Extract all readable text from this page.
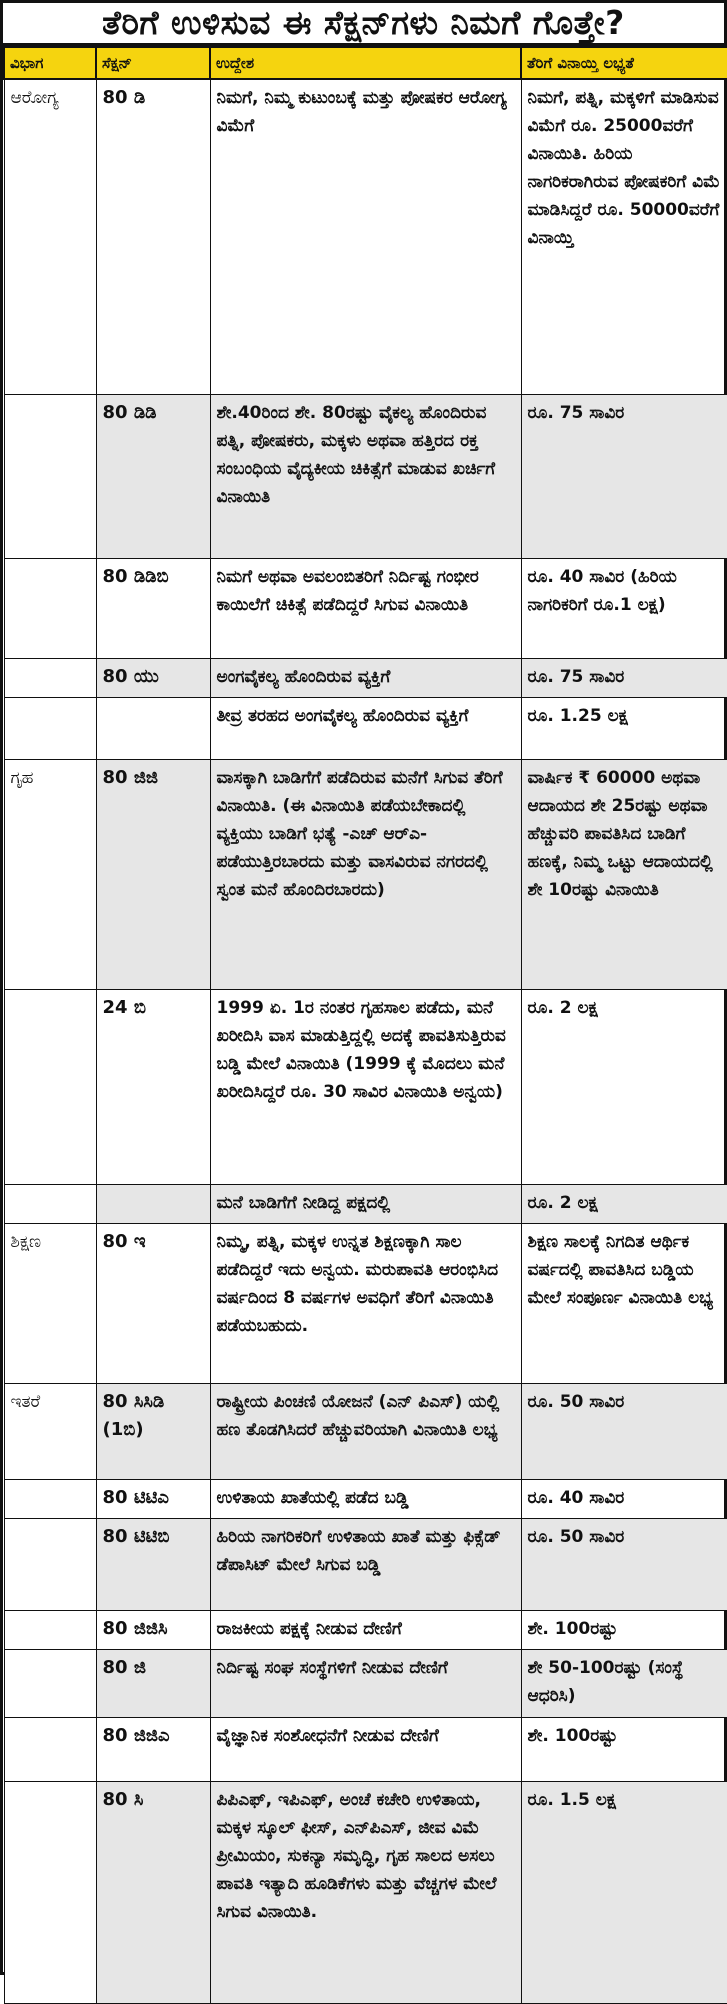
ತೆರಿಗೆ ಉಳಿಸುವ ಈ ಸೆಕ್ಷನ್‌ಗಳು ನಿಮಗೆ ಗೊತ್ತೇ?
ವಿಭಾಗ	ಸೆಕ್ಷನ್	ಉದ್ದೇಶ	ತೆರಿಗೆ ವಿನಾಯ್ತಿ ಲಭ್ಯತೆ
ಆರೋಗ್ಯ	80 ಡಿ	ನಿಮಗೆ, ನಿಮ್ಮ ಕುಟುಂಬಕ್ಕೆ ಮತ್ತು ಪೋಷಕರ ಆರೋಗ್ಯ ವಿಮೆಗೆ	ನಿಮಗೆ, ಪತ್ನಿ, ಮಕ್ಕಳಿಗೆ ಮಾಡಿಸುವ ವಿಮೆಗೆ ರೂ. 25000ವರೆಗೆ ವಿನಾಯಿತಿ. ಹಿರಿಯ ನಾಗರಿಕರಾಗಿರುವ ಪೋಷಕರಿಗೆ ವಿಮೆ ಮಾಡಿಸಿದ್ದರೆ ರೂ. 50000ವರೆಗೆ ವಿನಾಯ್ತಿ
	80 ಡಿಡಿ	ಶೇ.40ರಿಂದ ಶೇ. 80ರಷ್ಟು ವೈಕಲ್ಯ ಹೊಂದಿರುವ ಪತ್ನಿ, ಪೋಷಕರು, ಮಕ್ಕಳು ಅಥವಾ ಹತ್ತಿರದ ರಕ್ತ ಸಂಬಂಧಿಯ ವೈದ್ಯಕೀಯ ಚಿಕಿತ್ಸೆಗೆ ಮಾಡುವ ಖರ್ಚಿಗೆ ವಿನಾಯಿತಿ	ರೂ. 75 ಸಾವಿರ
	80 ಡಿಡಿಬಿ	ನಿಮಗೆ ಅಥವಾ ಅವಲಂಬಿತರಿಗೆ ನಿರ್ದಿಷ್ಟ ಗಂಭೀರ ಕಾಯಿಲೆಗೆ ಚಿಕಿತ್ಸೆ ಪಡೆದಿದ್ದರೆ ಸಿಗುವ ವಿನಾಯಿತಿ	ರೂ. 40 ಸಾವಿರ (ಹಿರಿಯ ನಾಗರಿಕರಿಗೆ ರೂ.1 ಲಕ್ಷ)
	80 ಯು	ಅಂಗವೈಕಲ್ಯ ಹೊಂದಿರುವ ವ್ಯಕ್ತಿಗೆ	ರೂ. 75 ಸಾವಿರ
		ತೀವ್ರ ತರಹದ ಅಂಗವೈಕಲ್ಯ ಹೊಂದಿರುವ ವ್ಯಕ್ತಿಗೆ	ರೂ. 1.25 ಲಕ್ಷ
ಗೃಹ	80 ಜಿಜಿ	ವಾಸಕ್ಕಾಗಿ ಬಾಡಿಗೆಗೆ ಪಡೆದಿರುವ ಮನೆಗೆ ಸಿಗುವ ತೆರಿಗೆ ವಿನಾಯಿತಿ. (ಈ ವಿನಾಯಿತಿ ಪಡೆಯಬೇಕಾದಲ್ಲಿ ವ್ಯಕ್ತಿಯು ಬಾಡಿಗೆ ಭತ್ಯೆ -ಎಚ್ ಆರ್‌ಎ- ಪಡೆಯುತ್ತಿರಬಾರದು ಮತ್ತು ವಾಸವಿರುವ ನಗರದಲ್ಲಿ ಸ್ವಂತ ಮನೆ ಹೊಂದಿರಬಾರದು)	ವಾರ್ಷಿಕ ₹ 60000 ಅಥವಾ ಆದಾಯದ ಶೇ 25ರಷ್ಟು ಅಥವಾ ಹೆಚ್ಚುವರಿ ಪಾವತಿಸಿದ ಬಾಡಿಗೆ ಹಣಕ್ಕೆ, ನಿಮ್ಮ ಒಟ್ಟು ಆದಾಯದಲ್ಲಿ ಶೇ 10ರಷ್ಟು ವಿನಾಯಿತಿ
	24 ಬಿ	1999 ಏ. 1ರ ನಂತರ ಗೃಹಸಾಲ ಪಡೆದು, ಮನೆ ಖರೀದಿಸಿ ವಾಸ ಮಾಡುತ್ತಿದ್ದಲ್ಲಿ ಅದಕ್ಕೆ ಪಾವತಿಸುತ್ತಿರುವ ಬಡ್ಡಿ ಮೇಲೆ ವಿನಾಯಿತಿ (1999 ಕ್ಕೆ ಮೊದಲು ಮನೆ ಖರೀದಿಸಿದ್ದರೆ ರೂ. 30 ಸಾವಿರ ವಿನಾಯಿತಿ ಅನ್ವಯ)	ರೂ. 2 ಲಕ್ಷ
		ಮನೆ ಬಾಡಿಗೆಗೆ ನೀಡಿದ್ದ ಪಕ್ಷದಲ್ಲಿ	ರೂ. 2 ಲಕ್ಷ
ಶಿಕ್ಷಣ	80 ಇ	ನಿಮ್ಮ, ಪತ್ನಿ, ಮಕ್ಕಳ ಉನ್ನತ ಶಿಕ್ಷಣಕ್ಕಾಗಿ ಸಾಲ ಪಡೆದಿದ್ದರೆ ಇದು ಅನ್ವಯ. ಮರುಪಾವತಿ ಆರಂಭಿಸಿದ ವರ್ಷದಿಂದ 8 ವರ್ಷಗಳ ಅವಧಿಗೆ ತೆರಿಗೆ ವಿನಾಯಿತಿ ಪಡೆಯಬಹುದು.	ಶಿಕ್ಷಣ ಸಾಲಕ್ಕೆ ನಿಗದಿತ ಆರ್ಥಿಕ ವರ್ಷದಲ್ಲಿ ಪಾವತಿಸಿದ ಬಡ್ಡಿಯ ಮೇಲೆ ಸಂಪೂರ್ಣ ವಿನಾಯಿತಿ ಲಭ್ಯ
ಇತರೆ	80 ಸಿಸಿಡಿ (1ಬಿ)	ರಾಷ್ಟ್ರೀಯ ಪಿಂಚಣಿ ಯೋಜನೆ (ಎನ್ ಪಿಎಸ್) ಯಲ್ಲಿ ಹಣ ತೊಡಗಿಸಿದರೆ ಹೆಚ್ಚುವರಿಯಾಗಿ ವಿನಾಯಿತಿ ಲಭ್ಯ	ರೂ. 50 ಸಾವಿರ
	80 ಟಿಟಿಎ	ಉಳಿತಾಯ ಖಾತೆಯಲ್ಲಿ ಪಡೆದ ಬಡ್ಡಿ	ರೂ. 40 ಸಾವಿರ
	80 ಟಿಟಿಬಿ	ಹಿರಿಯ ನಾಗರಿಕರಿಗೆ ಉಳಿತಾಯ ಖಾತೆ ಮತ್ತು ಫಿಕ್ಸೆಡ್ ಡೆಪಾಸಿಟ್ ಮೇಲೆ ಸಿಗುವ ಬಡ್ಡಿ	ರೂ. 50 ಸಾವಿರ
	80 ಜಿಜಿಸಿ	ರಾಜಕೀಯ ಪಕ್ಷಕ್ಕೆ ನೀಡುವ ದೇಣಿಗೆ	ಶೇ. 100ರಷ್ಟು
	80 ಜಿ	ನಿರ್ದಿಷ್ಟ ಸಂಘ ಸಂಸ್ಥೆಗಳಿಗೆ ನೀಡುವ ದೇಣಿಗೆ	ಶೇ 50-100ರಷ್ಟು (ಸಂಸ್ಥೆ ಆಧರಿಸಿ)
	80 ಜಿಜಿಎ	ವೈಜ್ಞಾನಿಕ ಸಂಶೋಧನೆಗೆ ನೀಡುವ ದೇಣಿಗೆ	ಶೇ. 100ರಷ್ಟು
	80 ಸಿ	ಪಿಪಿಎಫ್, ಇಪಿಎಫ್, ಅಂಚೆ ಕಚೇರಿ ಉಳಿತಾಯ, ಮಕ್ಕಳ ಸ್ಕೂಲ್ ಫೀಸ್, ಎನ್‌ಪಿಎಸ್, ಜೀವ ವಿಮೆ ಪ್ರೀಮಿಯಂ, ಸುಕನ್ಯಾ ಸಮೃದ್ಧಿ, ಗೃಹ ಸಾಲದ ಅಸಲು ಪಾವತಿ ಇತ್ಯಾದಿ ಹೂಡಿಕೆಗಳು ಮತ್ತು ವೆಚ್ಚಗಳ ಮೇಲೆ ಸಿಗುವ ವಿನಾಯಿತಿ.	ರೂ. 1.5 ಲಕ್ಷ
